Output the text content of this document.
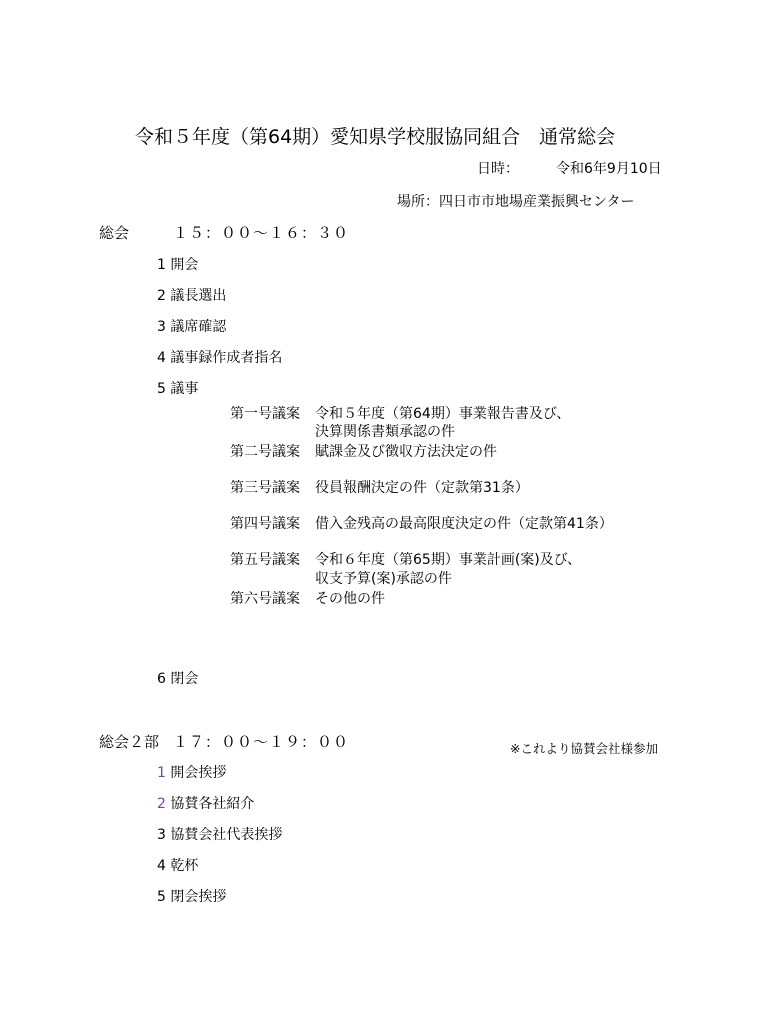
令和５年度（第64期）愛知県学校服協同組合　通常総会
日時：	令和6年9月10日
場所：四日市市地場産業振興センター
総会	１５：００～１６：３０
1 開会
2 議長選出
3 議席確認
4 議事録作成者指名
5 議事
第一号議案 令和５年度（第64期）事業報告書及び、
決算関係書類承認の件
第二号議案 賦課金及び徴収方法決定の件
第三号議案 役員報酬決定の件（定款第31条）
第四号議案 借入金残高の最高限度決定の件（定款第41条）
第五号議案 令和６年度（第65期）事業計画(案)及び、
収支予算(案)承認の件
第六号議案 その他の件
6 閉会
総会２部 １７：００～１９：００	※これより協賛会社様参加
1 開会挨拶
2 協賛各社紹介
3 協賛会社代表挨拶
4 乾杯
5 閉会挨拶
